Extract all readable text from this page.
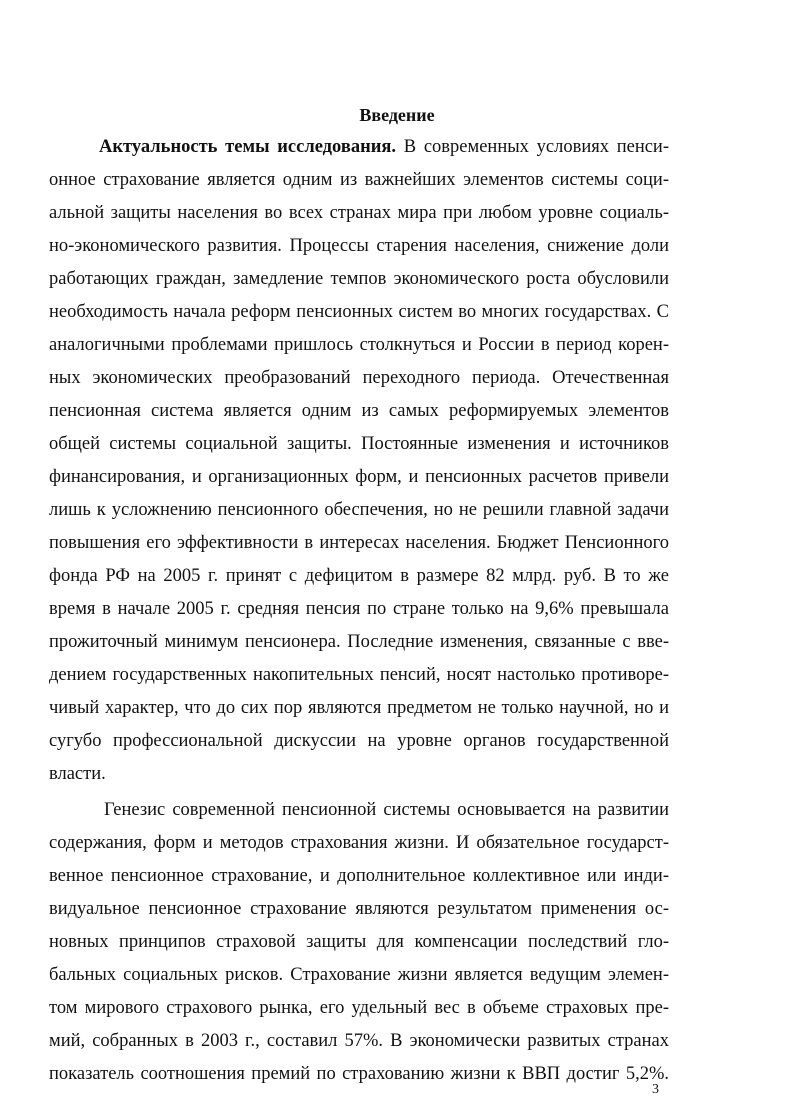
Введение
Актуальность темы исследования. В современных условиях пенси-
онное страхование является одним из важнейших элементов системы соци-
альной защиты населения во всех странах мира при любом уровне социаль-
но-экономического развития. Процессы старения населения, снижение доли
работающих граждан, замедление темпов экономического роста обусловили
необходимость начала реформ пенсионных систем во многих государствах. С
аналогичными проблемами пришлось столкнуться и России в период корен-
ных экономических преобразований переходного периода. Отечественная
пенсионная система является одним из самых реформируемых элементов
общей системы социальной защиты. Постоянные изменения и источников
финансирования, и организационных форм, и пенсионных расчетов привели
лишь к усложнению пенсионного обеспечения, но не решили главной задачи
повышения его эффективности в интересах населения. Бюджет Пенсионного
фонда РФ на 2005 г. принят с дефицитом в размере 82 млрд. руб. В то же
время в начале 2005 г. средняя пенсия по стране только на 9,6% превышала
прожиточный минимум пенсионера. Последние изменения, связанные с вве-
дением государственных накопительных пенсий, носят настолько противоре-
чивый характер, что до сих пор являются предметом не только научной, но и
сугубо профессиональной дискуссии на уровне органов государственной
власти.
Генезис современной пенсионной системы основывается на развитии
содержания, форм и методов страхования жизни. И обязательное государст-
венное пенсионное страхование, и дополнительное коллективное или инди-
видуальное пенсионное страхование являются результатом применения ос-
новных принципов страховой защиты для компенсации последствий гло-
бальных социальных рисков. Страхование жизни является ведущим элемен-
том мирового страхового рынка, его удельный вес в объеме страховых пре-
мий, собранных в 2003 г., составил 57%. В экономически развитых странах
показатель соотношения премий по страхованию жизни к ВВП достиг 5,2%.
3
